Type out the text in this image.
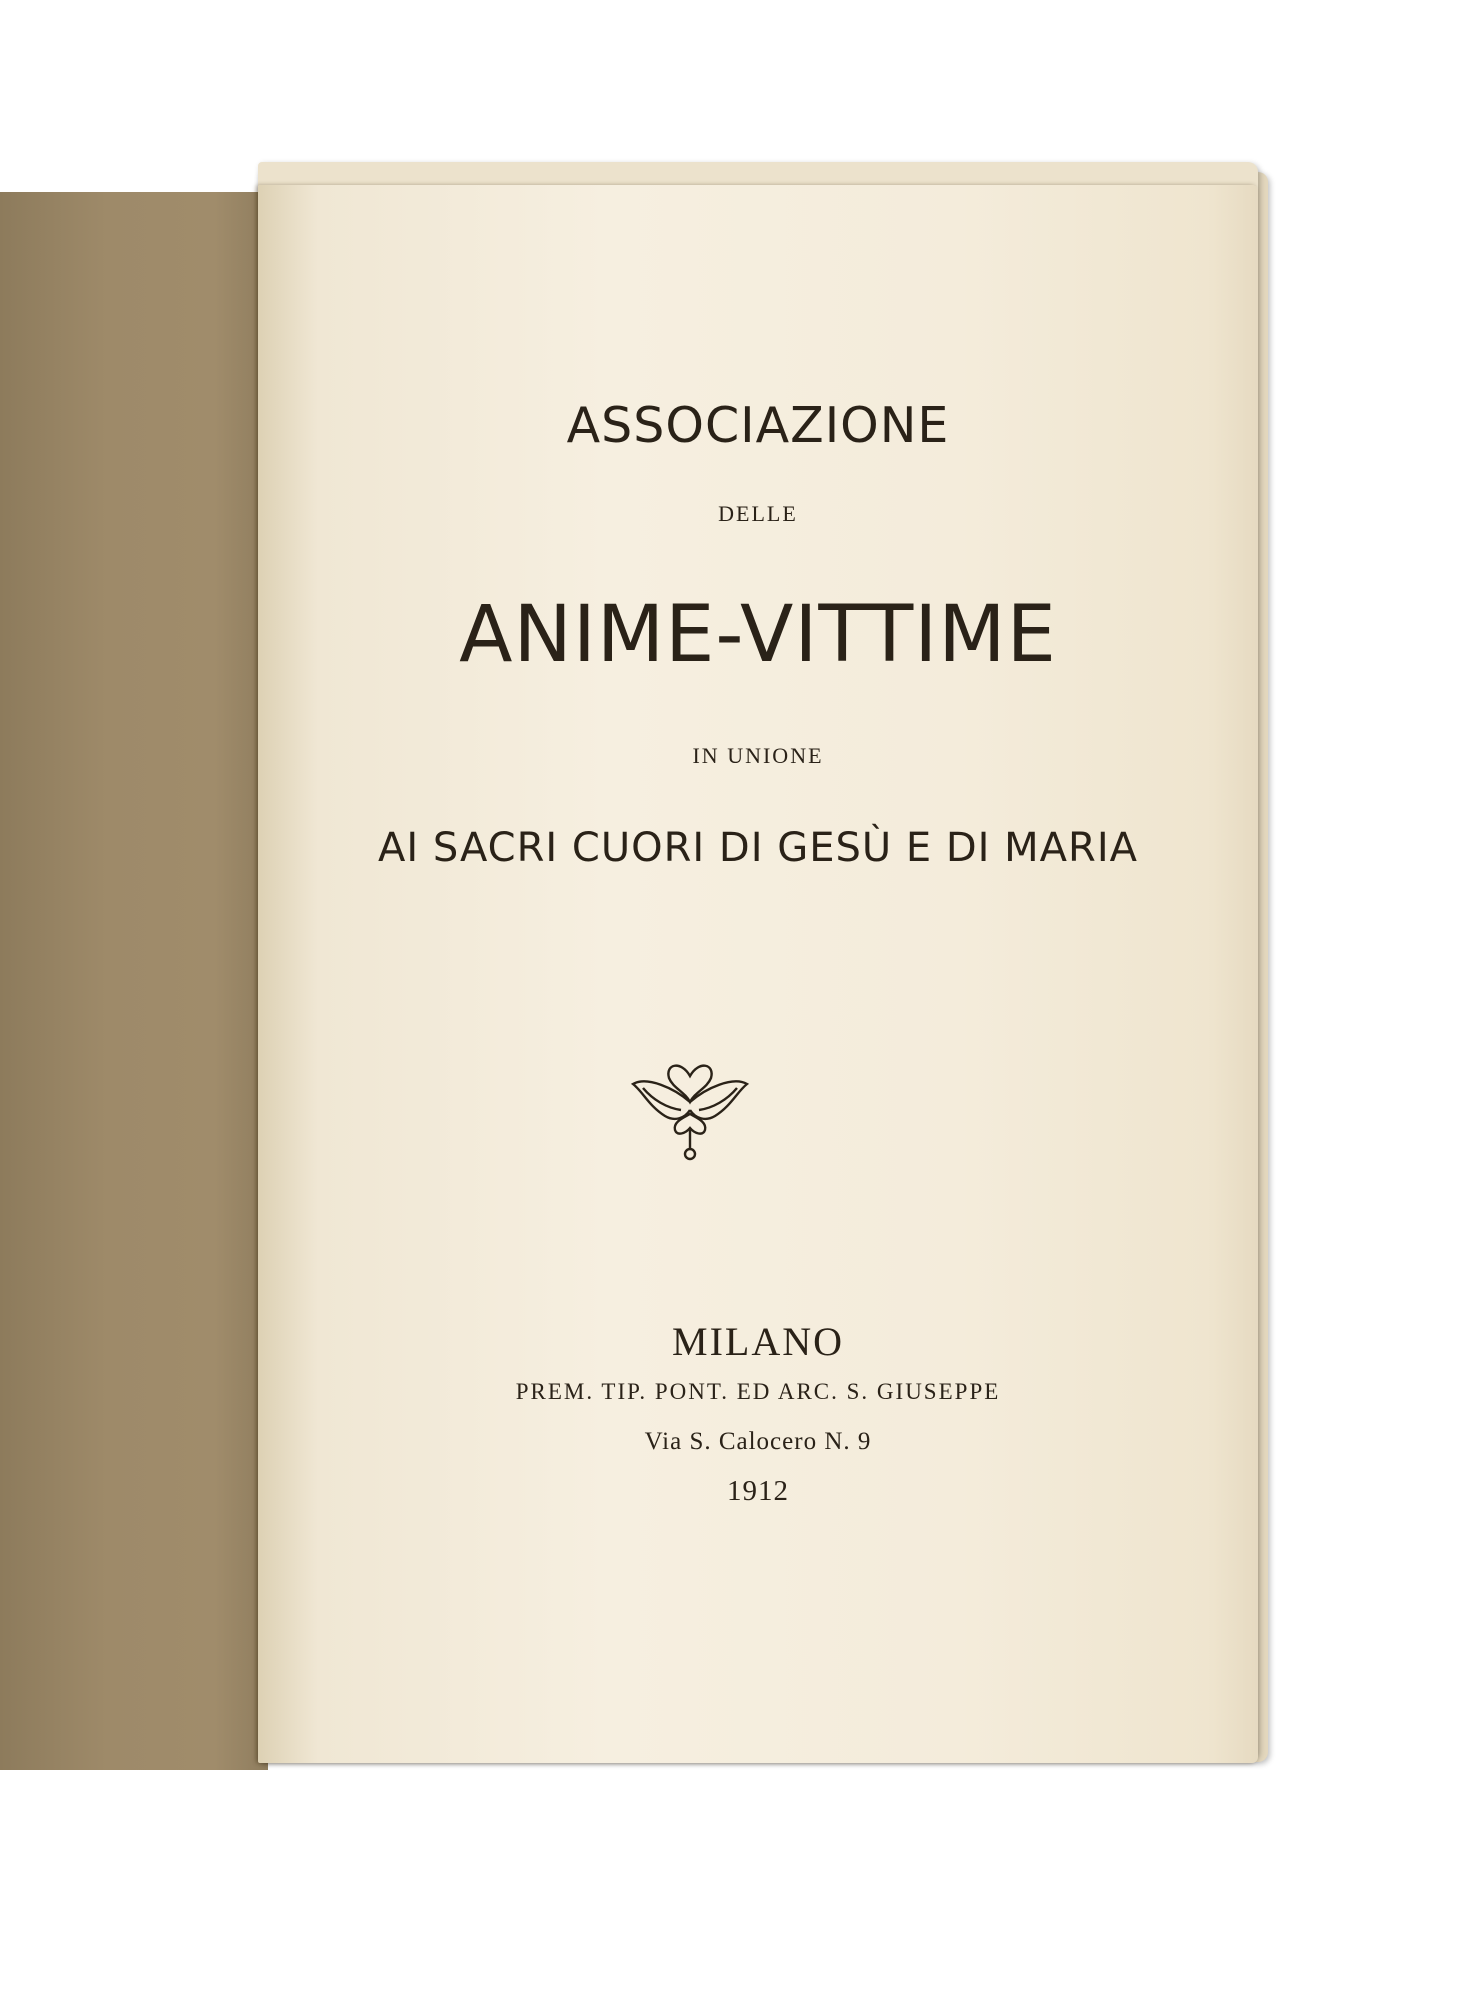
ASSOCIAZIONE
DELLE
ANIME-VITTIME
IN UNIONE
AI SACRI CUORI DI GESÙ E DI MARIA
MILANO
PREM. TIP. PONT. ED ARC. S. GIUSEPPE
Via S. Calocero N. 9
1912
